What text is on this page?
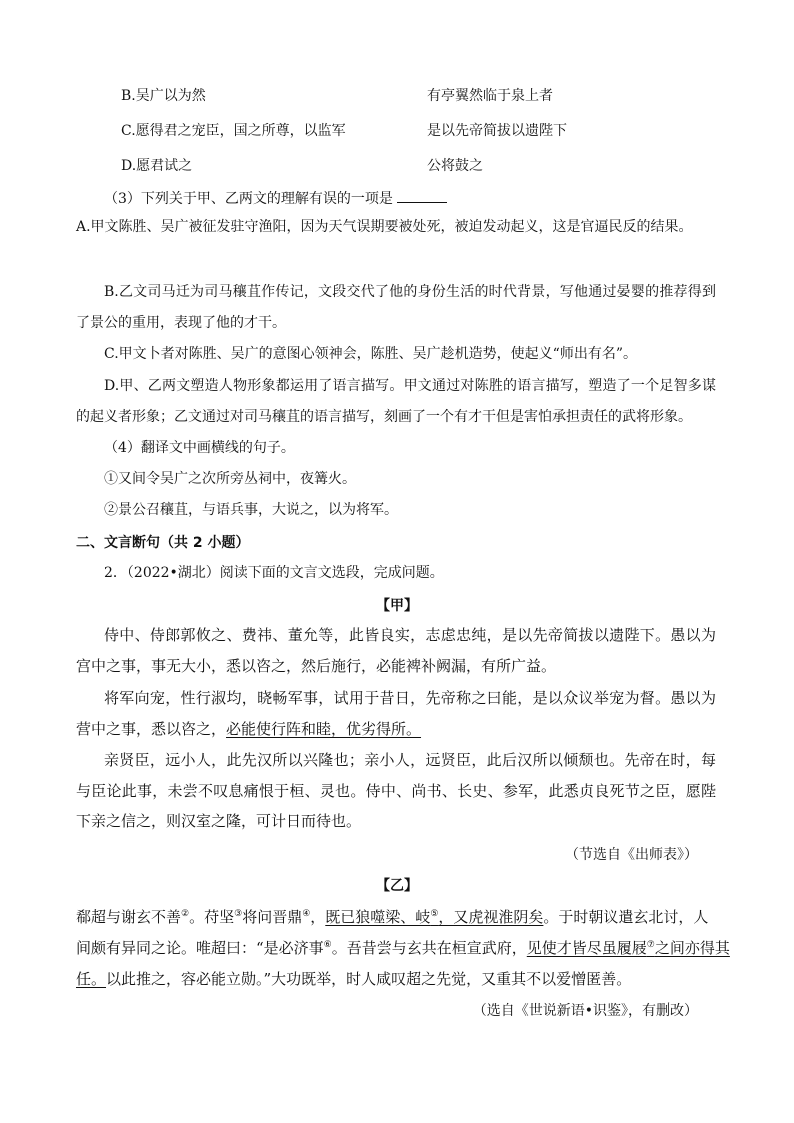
B.吴广以为然	有亭翼然临于泉上者
C.愿得君之宠臣，国之所尊，以监军	是以先帝简拔以遗陛下
D.愿君试之	公将鼓之
（3）下列关于甲、乙两文的理解有误的一项是
A.甲文陈胜、吴广被征发驻守渔阳，因为天气误期要被处死，被迫发动起义，这是官逼民反的结果。
B.乙文司马迁为司马穰苴作传记，文段交代了他的身份生活的时代背景，写他通过晏婴的推荐得到了景公的重用，表现了他的才干。
C.甲文卜者对陈胜、吴广的意图心领神会，陈胜、吴广趁机造势，使起义“师出有名”。
D.甲、乙两文塑造人物形象都运用了语言描写。甲文通过对陈胜的语言描写，塑造了一个足智多谋的起义者形象；乙文通过对司马穰苴的语言描写，刻画了一个有才干但是害怕承担责任的武将形象。
（4）翻译文中画横线的句子。
①又间令吴广之次所旁丛祠中，夜篝火。
②景公召穰苴，与语兵事，大说之，以为将军。
二、文言断句（共 2 小题）
2．（2022•湖北）阅读下面的文言文选段，完成问题。
【甲】
侍中、侍郎郭攸之、费祎、董允等，此皆良实，志虑忠纯，是以先帝简拔以遗陛下。愚以为宫中之事，事无大小，悉以咨之，然后施行，必能裨补阙漏，有所广益。
将军向宠，性行淑均，晓畅军事，试用于昔日，先帝称之曰能，是以众议举宠为督。愚以为营中之事，悉以咨之，必能使行阵和睦，优劣得所。
亲贤臣，远小人，此先汉所以兴隆也；亲小人，远贤臣，此后汉所以倾颓也。先帝在时，每与臣论此事，未尝不叹息痛恨于桓、灵也。侍中、尚书、长史、参军，此悉贞良死节之臣，愿陛下亲之信之，则汉室之隆，可计日而待也。
（节选自《出师表》）
【乙】
郗超与谢玄不善②。苻坚③将问晋鼎④，既已狼噬梁、岐⑤，又虎视淮阴矣。于时朝议遣玄北讨，人
间颇有异同之论。唯超曰：“是必济事⑥。吾昔尝与玄共在桓宣武府，见使才皆尽虽履屐⑦之间亦得其
任。以此推之，容必能立勋。”大功既举，时人咸叹超之先觉，又重其不以爱憎匿善。
（选自《世说新语•识鉴》，有删改）
